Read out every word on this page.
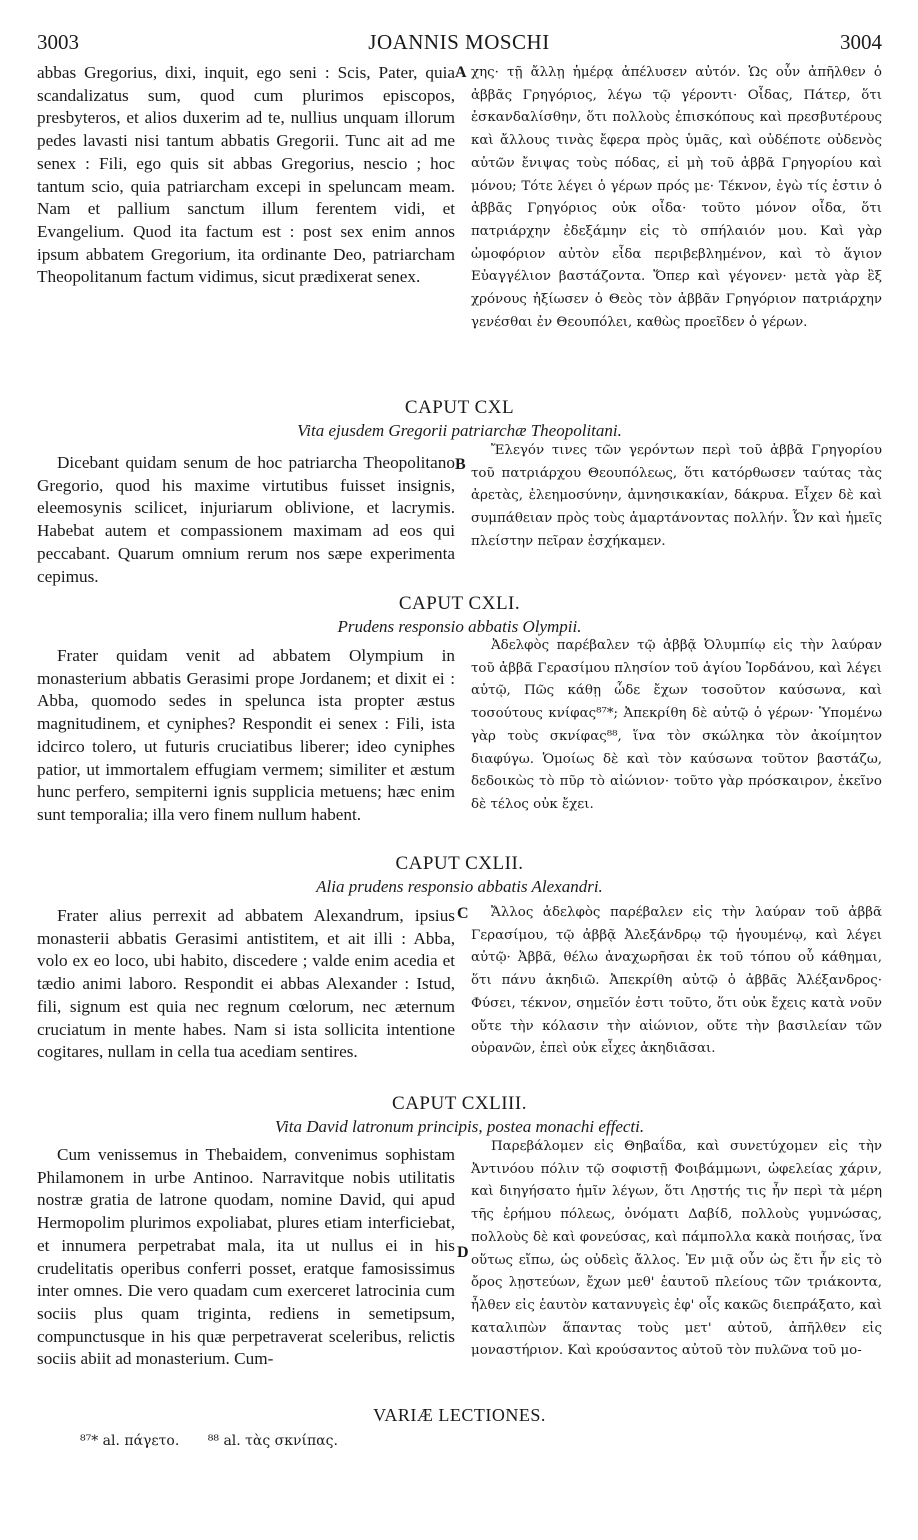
3003	JOANNIS MOSCHI	3004

abbas Gregorius, dixi, inquit, ego seni : Scis, Pater, quia scandalizatus sum, quod cum plurimos episcopos, presbyteros, et alios duxerim ad te, nullius unquam illorum pedes lavasti nisi tantum abbatis Gregorii. Tunc ait ad me senex : Fili, ego quis sit abbas Gregorius, nescio ; hoc tantum scio, quia patriarcham excepi in speluncam meam. Nam et pallium sanctum illum ferentem vidi, et Evangelium. Quod ita factum est : post sex enim annos ipsum abbatem Gregorium, ita ordinante Deo, patriarcham Theopolitanum factum vidimus, sicut prædixerat senex.

A χης· τῇ ἄλλῃ ἡμέρᾳ ἀπέλυσεν αὐτόν. Ὡς οὖν ἀπῆλθεν ὁ ἀββᾶς Γρηγόριος, λέγω τῷ γέροντι· Οἶδας, Πάτερ, ὅτι ἐσκανδαλίσθην, ὅτι πολλοὺς ἐπισκόπους καὶ πρεσβυτέρους καὶ ἄλλους τινὰς ἔφερα πρὸς ὑμᾶς, καὶ οὐδέποτε οὐδενὸς αὐτῶν ἔνιψας τοὺς πόδας, εἰ μὴ τοῦ ἀββᾶ Γρηγορίου καὶ μόνου; Τότε λέγει ὁ γέρων πρός με· Τέκνον, ἐγὼ τίς ἐστιν ὁ ἀββᾶς Γρηγόριος οὐκ οἶδα· τοῦτο μόνον οἶδα, ὅτι πατριάρχην ἐδεξάμην εἰς τὸ σπήλαιόν μου. Καὶ γὰρ ὠμοφόριον αὐτὸν εἶδα περιβεβλημένον, καὶ τὸ ἅγιον Εὐαγγέλιον βαστάζοντα. Ὅπερ καὶ γέγονεν· μετὰ γὰρ ἓξ χρόνους ἠξίωσεν ὁ Θεὸς τὸν ἀββᾶν Γρηγόριον πατριάρχην γενέσθαι ἐν Θεουπόλει, καθὼς προεῖδεν ὁ γέρων.

CAPUT CXL
Vita ejusdem Gregorii patriarchæ Theopolitani.

Dicebant quidam senum de hoc patriarcha Theopolitano Gregorio, quod his maxime virtutibus fuisset insignis, eleemosynis scilicet, injuriarum oblivione, et lacrymis. Habebat autem et compassionem maximam ad eos qui peccabant. Quarum omnium rerum nos sæpe experimenta cepimus.

B

Ἔλεγόν τινες τῶν γερόντων περὶ τοῦ ἀββᾶ Γρηγορίου τοῦ πατριάρχου Θεουπόλεως, ὅτι κατόρθωσεν ταύτας τὰς ἀρετὰς, ἐλεημοσύνην, ἀμνησικακίαν, δάκρυα. Εἶχεν δὲ καὶ συμπάθειαν πρὸς τοὺς ἁμαρτάνοντας πολλήν. Ὧν καὶ ἡμεῖς πλείστην πεῖραν ἐσχήκαμεν.

CAPUT CXLI.
Prudens responsio abbatis Olympii.

Frater quidam venit ad abbatem Olympium in monasterium abbatis Gerasimi prope Jordanem; et dixit ei : Abba, quomodo sedes in spelunca ista propter æstus magnitudinem, et cyniphes? Respondit ei senex : Fili, ista idcirco tolero, ut futuris cruciatibus liberer; ideo cyniphes patior, ut immortalem effugiam vermem; similiter et æstum hunc perfero, sempiterni ignis supplicia metuens; hæc enim sunt temporalia; illa vero finem nullum habent.

Ἀδελφὸς παρέβαλεν τῷ ἀββᾷ Ὀλυμπίῳ εἰς τὴν λαύραν τοῦ ἀββᾶ Γερασίμου πλησίον τοῦ ἁγίου Ἰορδάνου, καὶ λέγει αὐτῷ, Πῶς κάθῃ ὧδε ἔχων τοσοῦτον καύσωνα, καὶ τοσούτους κνίφας⁸⁷*; Ἀπεκρίθη δὲ αὐτῷ ὁ γέρων· Ὑπομένω γὰρ τοὺς σκνίφας⁸⁸, ἵνα τὸν σκώληκα τὸν ἀκοίμητον διαφύγω. Ὁμοίως δὲ καὶ τὸν καύσωνα τοῦτον βαστάζω, δεδοικὼς τὸ πῦρ τὸ αἰώνιον· τοῦτο γὰρ πρόσκαιρον, ἐκεῖνο δὲ τέλος οὐκ ἔχει.

CAPUT CXLII.
Alia prudens responsio abbatis Alexandri.

Frater alius perrexit ad abbatem Alexandrum, ipsius monasterii abbatis Gerasimi antistitem, et ait illi : Abba, volo ex eo loco, ubi habito, discedere ; valde enim acedia et tædio animi laboro. Respondit ei abbas Alexander : Istud, fili, signum est quia nec regnum cœlorum, nec æternum cruciatum in mente habes. Nam si ista sollicita intentione cogitares, nullam in cella tua acediam sentires.

C	Ἄλλος ἀδελφὸς παρέβαλεν εἰς τὴν λαύραν τοῦ ἀββᾶ Γερασίμου, τῷ ἀββᾷ Ἀλεξάνδρῳ τῷ ἡγουμένῳ, καὶ λέγει αὐτῷ· Ἀββᾶ, θέλω ἀναχωρῆσαι ἐκ τοῦ τόπου οὗ κάθημαι, ὅτι πάνυ ἀκηδιῶ. Ἀπεκρίθη αὐτῷ ὁ ἀββᾶς Ἀλέξανδρος· Φύσει, τέκνον, σημεῖόν ἐστι τοῦτο, ὅτι οὐκ ἔχεις κατὰ νοῦν οὔτε τὴν κόλασιν τὴν αἰώνιον, οὔτε τὴν βασιλείαν τῶν οὐρανῶν, ἐπεὶ οὐκ εἶχες ἀκηδιᾶσαι.

CAPUT CXLIII.
Vita David latronum principis, postea monachi effecti.

Cum venissemus in Thebaidem, convenimus sophistam Philamonem in urbe Antinoo. Narravitque nobis utilitatis nostræ gratia de latrone quodam, nomine David, qui apud Hermopolim plurimos expoliabat, plures etiam interficiebat, et innumera perpetrabat mala, ita ut nullus ei in his crudelitatis operibus conferri posset, eratque famosissimus inter omnes. Die vero quadam cum exerceret latrocinia cum sociis plus quam triginta, rediens in semetipsum, compunctusque in his quæ perpetraverat sceleribus, relictis sociis abiit ad monasterium. Cum-

D

Παρεβάλομεν εἰς Θηβαΐδα, καὶ συνετύχομεν εἰς τὴν Ἀντινόου πόλιν τῷ σοφιστῇ Φοιβάμμωνι, ὠφελείας χάριν, καὶ διηγήσατο ἡμῖν λέγων, ὅτι Λῃστής τις ἦν περὶ τὰ μέρη τῆς ἐρήμου πόλεως, ὀνόματι Δαβίδ, πολλοὺς γυμνώσας, πολλοὺς δὲ καὶ φονεύσας, καὶ πάμπολλα κακὰ ποιήσας, ἵνα οὕτως εἴπω, ὡς οὐδεὶς ἄλλος. Ἐν μιᾷ οὖν ὡς ἔτι ἦν εἰς τὸ ὄρος λῃστεύων, ἔχων μεθ' ἑαυτοῦ πλείους τῶν τριάκοντα, ἦλθεν εἰς ἑαυτὸν κατανυγεὶς ἐφ' οἷς κακῶς διεπράξατο, καὶ καταλιπὼν ἅπαντας τοὺς μετ' αὐτοῦ, ἀπῆλθεν εἰς μοναστήριον. Καὶ κρούσαντος αὐτοῦ τὸν πυλῶνα τοῦ μο-

VARIÆ LECTIONES.
⁸⁷* al. πάγετο. ⁸⁸ al. τὰς σκνίπας.
